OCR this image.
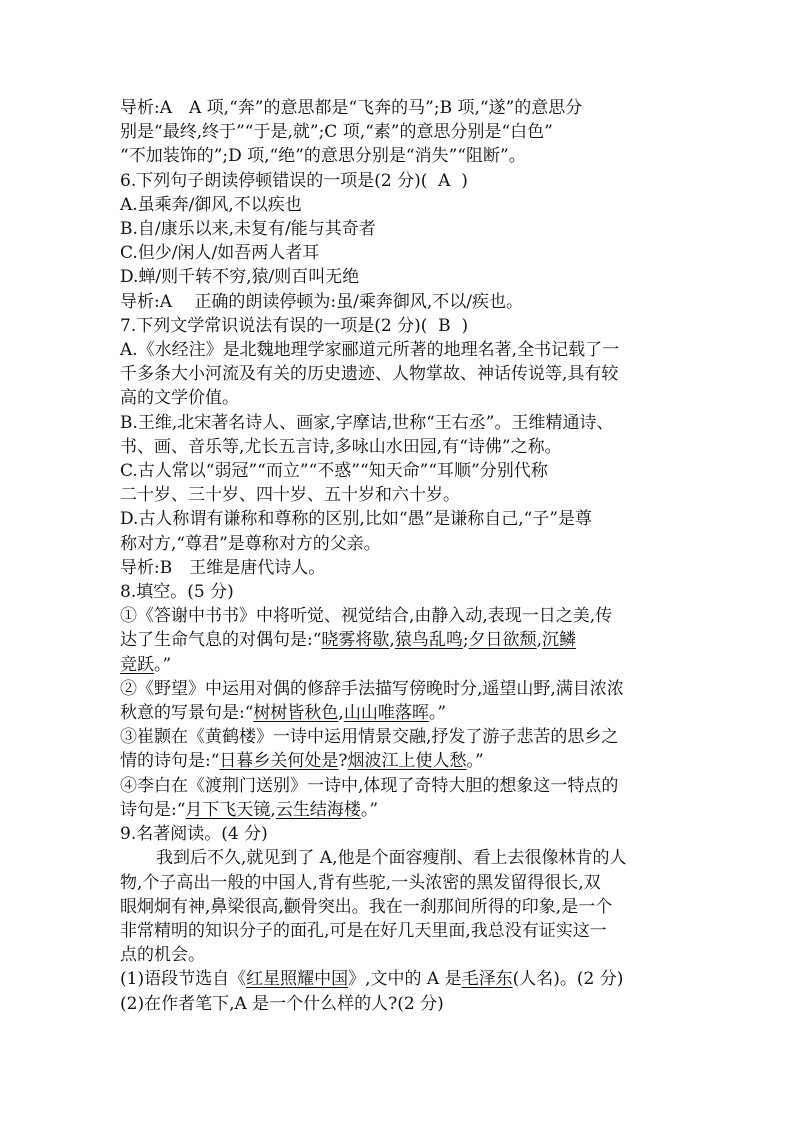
导析:A　A 项,“奔”的意思都是“飞奔的马”;B 项,“遂”的意思分
别是“最终,终于”“于是,就”;C 项,“素”的意思分别是“白色”
“不加装饰的”;D 项,“绝”的意思分别是“消失”“阻断”。
6.下列句子朗读停顿错误的一项是(2 分)( A )
A.虽乘奔/御风,不以疾也
B.自/康乐以来,未复有/能与其奇者
C.但少/闲人/如吾两人者耳
D.蝉/则千转不穷,猿/则百叫无绝
导析:A　 正确的朗读停顿为:虽/乘奔御风,不以/疾也。
7.下列文学常识说法有误的一项是(2 分)( B )
A.《水经注》是北魏地理学家郦道元所著的地理名著,全书记载了一
千多条大小河流及有关的历史遗迹、人物掌故、神话传说等,具有较
高的文学价值。
B.王维,北宋著名诗人、画家,字摩诘,世称“王右丞”。王维精通诗、
书、画、音乐等,尤长五言诗,多咏山水田园,有“诗佛”之称。
C.古人常以“弱冠”“而立”“不惑”“知天命”“耳顺”分别代称
二十岁、三十岁、四十岁、五十岁和六十岁。
D.古人称谓有谦称和尊称的区别,比如“愚”是谦称自己,“子”是尊
称对方,“尊君”是尊称对方的父亲。
导析:B　王维是唐代诗人。
8.填空。(5 分)
①《答谢中书书》中将听觉、视觉结合,由静入动,表现一日之美,传
达了生命气息的对偶句是:“晓雾将歇,猿鸟乱鸣;夕日欲颓,沉鳞
竞跃。”
②《野望》中运用对偶的修辞手法描写傍晚时分,遥望山野,满目浓浓
秋意的写景句是:“树树皆秋色,山山唯落晖。”
③崔颢在《黄鹤楼》一诗中运用情景交融,抒发了游子悲苦的思乡之
情的诗句是:“日暮乡关何处是?烟波江上使人愁。”
④李白在《渡荆门送别》一诗中,体现了奇特大胆的想象这一特点的
诗句是:“月下飞天镜,云生结海楼。”
9.名著阅读。(4 分)
我到后不久,就见到了 A,他是个面容瘦削、看上去很像林肯的人
物,个子高出一般的中国人,背有些驼,一头浓密的黑发留得很长,双
眼炯炯有神,鼻梁很高,颧骨突出。我在一刹那间所得的印象,是一个
非常精明的知识分子的面孔,可是在好几天里面,我总没有证实这一
点的机会。
(1)语段节选自《红星照耀中国》,文中的 A 是毛泽东(人名)。(2 分)
(2)在作者笔下,A 是一个什么样的人?(2 分)
